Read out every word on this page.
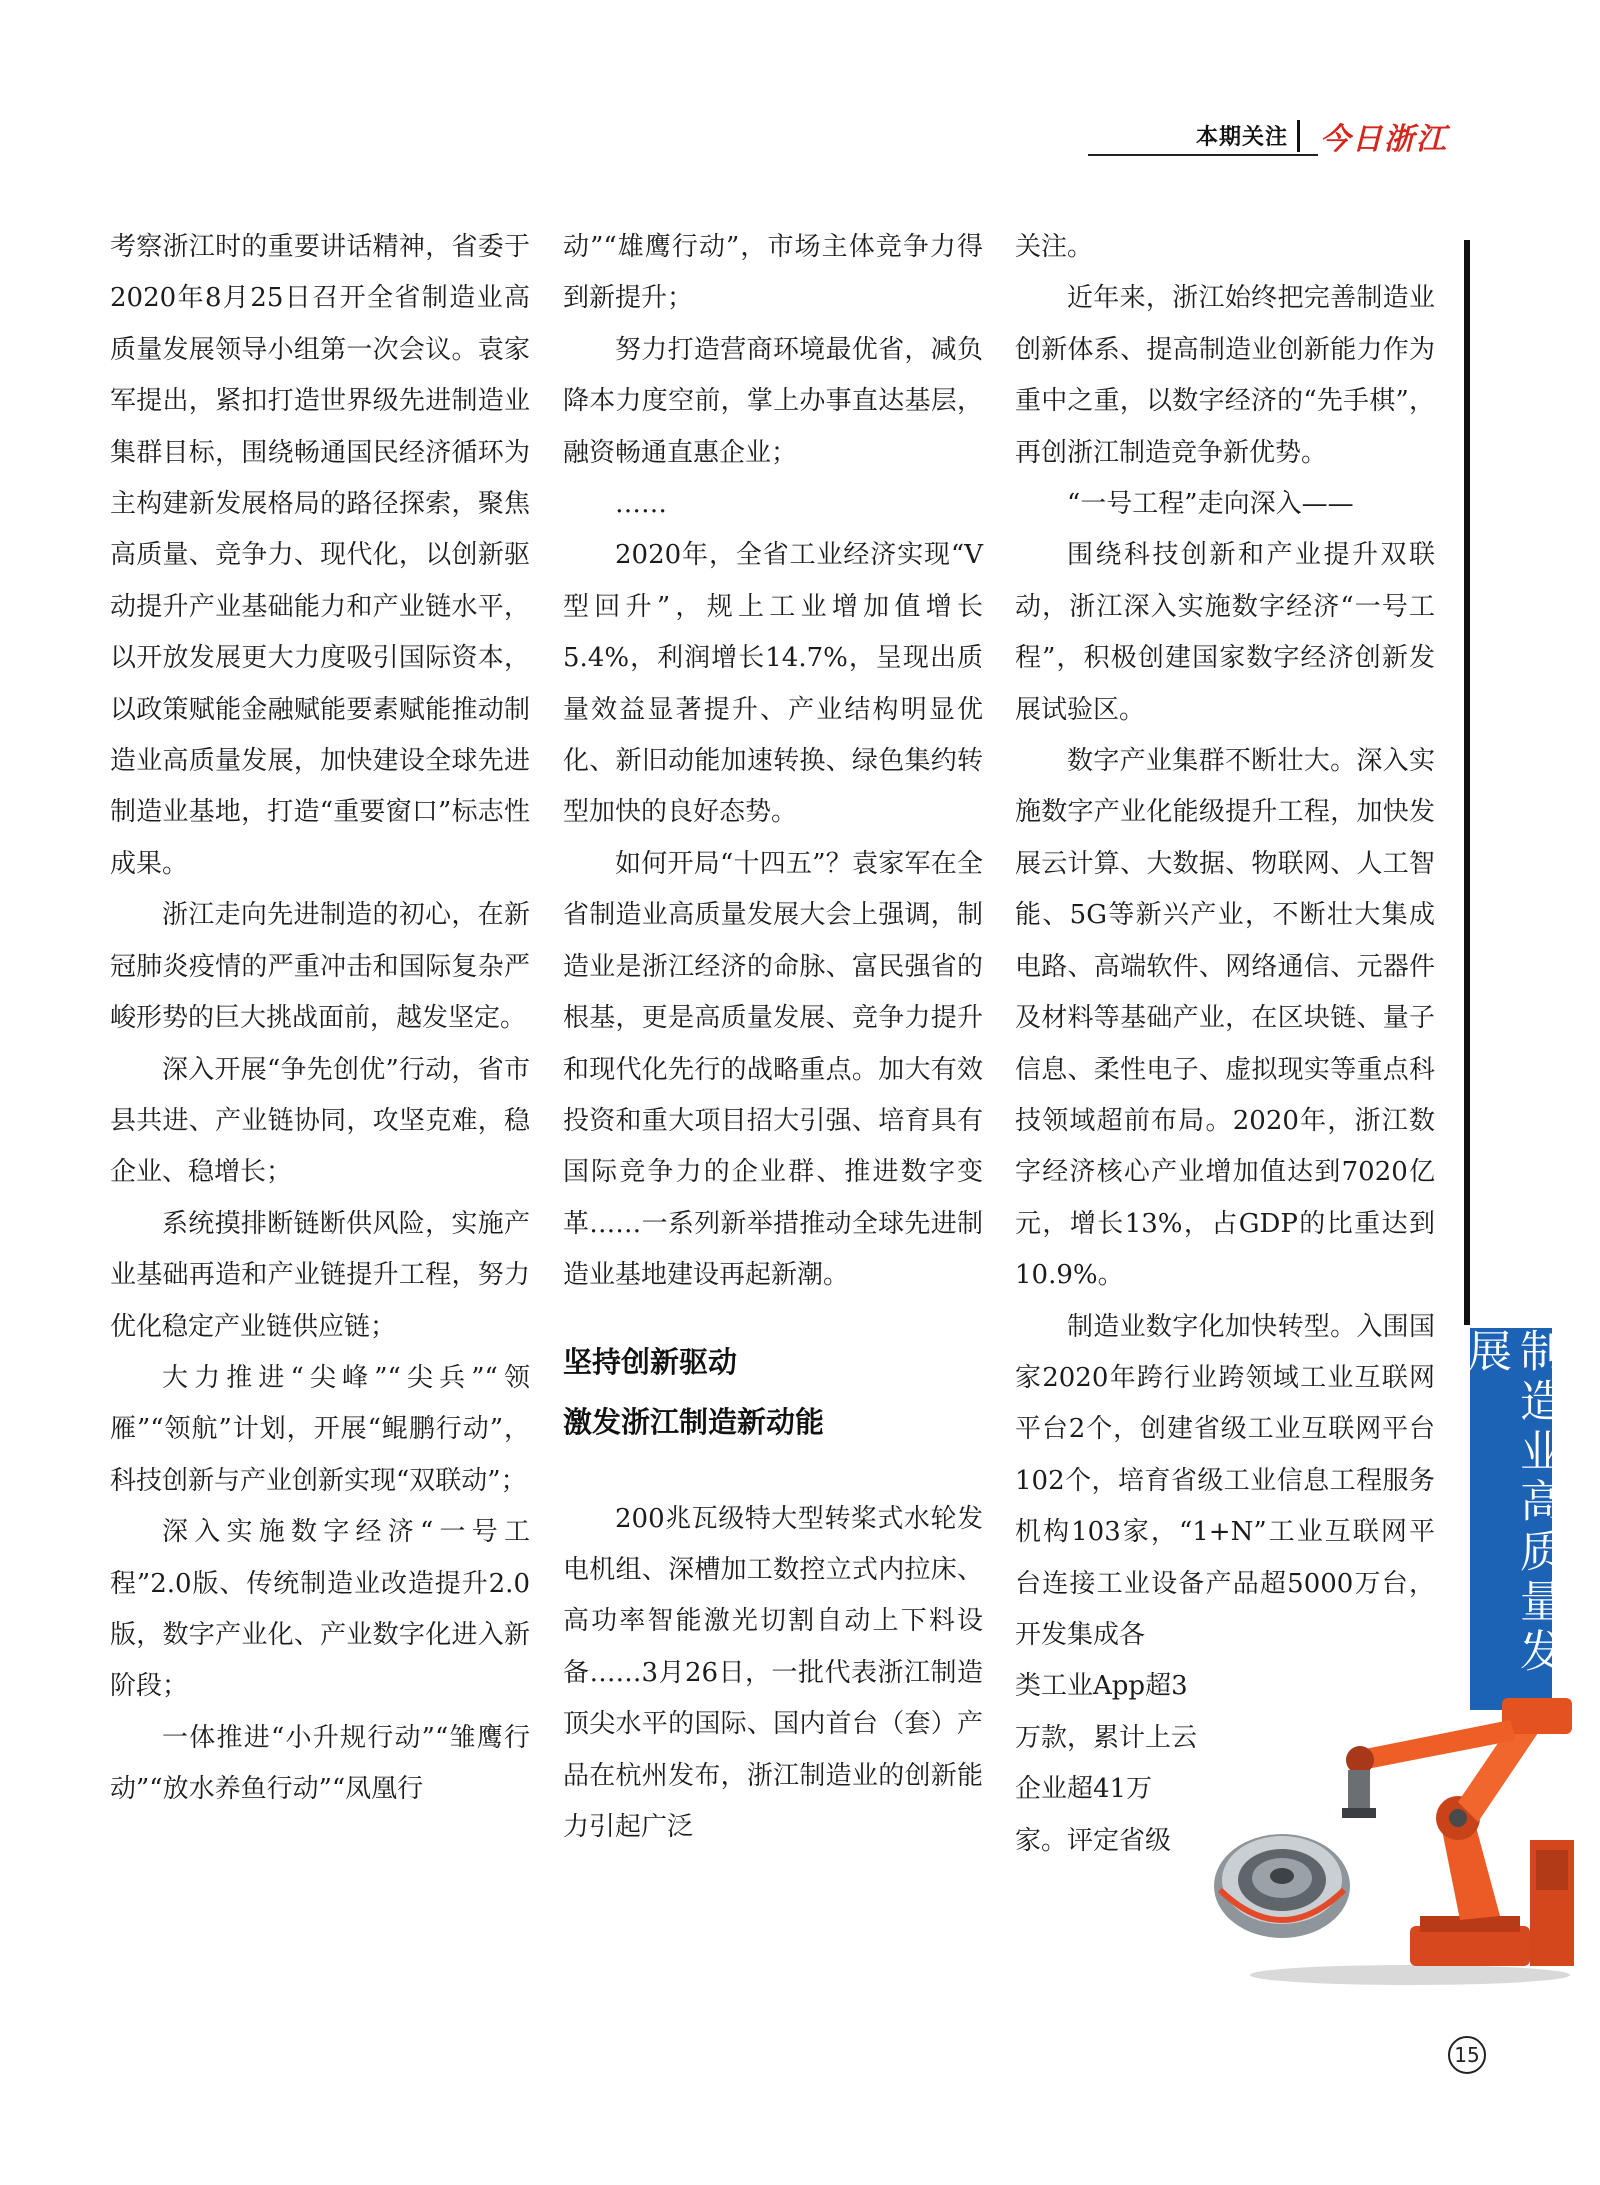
本期关注 今日浙江

考察浙江时的重要讲话精神，省委于2020年8月25日召开全省制造业高质量发展领导小组第一次会议。袁家军提出，紧扣打造世界级先进制造业集群目标，围绕畅通国民经济循环为主构建新发展格局的路径探索，聚焦高质量、竞争力、现代化，以创新驱动提升产业基础能力和产业链水平，以开放发展更大力度吸引国际资本，以政策赋能金融赋能要素赋能推动制造业高质量发展，加快建设全球先进制造业基地，打造“重要窗口”标志性成果。

浙江走向先进制造的初心，在新冠肺炎疫情的严重冲击和国际复杂严峻形势的巨大挑战面前，越发坚定。

深入开展“争先创优”行动，省市县共进、产业链协同，攻坚克难，稳企业、稳增长；

系统摸排断链断供风险，实施产业基础再造和产业链提升工程，努力优化稳定产业链供应链；

大力推进“尖峰”“尖兵”“领雁”“领航”计划，开展“鲲鹏行动”，科技创新与产业创新实现“双联动”；

深入实施数字经济“一号工程”2.0版、传统制造业改造提升2.0版，数字产业化、产业数字化进入新阶段；

一体推进“小升规行动”“雏鹰行动”“放水养鱼行动”“凤凰行

动”“雄鹰行动”，市场主体竞争力得到新提升；

努力打造营商环境最优省，减负降本力度空前，掌上办事直达基层，融资畅通直惠企业；

……

2020年，全省工业经济实现“V型回升”，规上工业增加值增长5.4%，利润增长14.7%，呈现出质量效益显著提升、产业结构明显优化、新旧动能加速转换、绿色集约转型加快的良好态势。

如何开局“十四五”？袁家军在全省制造业高质量发展大会上强调，制造业是浙江经济的命脉、富民强省的根基，更是高质量发展、竞争力提升和现代化先行的战略重点。加大有效投资和重大项目招大引强、培育具有国际竞争力的企业群、推进数字变革……一系列新举措推动全球先进制造业基地建设再起新潮。

坚持创新驱动
激发浙江制造新动能

200兆瓦级特大型转桨式水轮发电机组、深槽加工数控立式内拉床、高功率智能激光切割自动上下料设备……3月26日，一批代表浙江制造顶尖水平的国际、国内首台（套）产品在杭州发布，浙江制造业的创新能力引起广泛

关注。

近年来，浙江始终把完善制造业创新体系、提高制造业创新能力作为重中之重，以数字经济的“先手棋”，再创浙江制造竞争新优势。

“一号工程”走向深入——

围绕科技创新和产业提升双联动，浙江深入实施数字经济“一号工程”，积极创建国家数字经济创新发展试验区。

数字产业集群不断壮大。深入实施数字产业化能级提升工程，加快发展云计算、大数据、物联网、人工智能、5G等新兴产业，不断壮大集成电路、高端软件、网络通信、元器件及材料等基础产业，在区块链、量子信息、柔性电子、虚拟现实等重点科技领域超前布局。2020年，浙江数字经济核心产业增加值达到7020亿元，增长13%，占GDP的比重达到10.9%。

制造业数字化加快转型。入围国家2020年跨行业跨领域工业互联网平台2个，创建省级工业互联网平台102个，培育省级工业信息工程服务机构103家，“1+N”工业互联网平台连接工业设备产品超5000万台，开发集成各

类工业App超3
万款，累计上云
企业超41万
家。评定省级
制造业高质量发展
15
